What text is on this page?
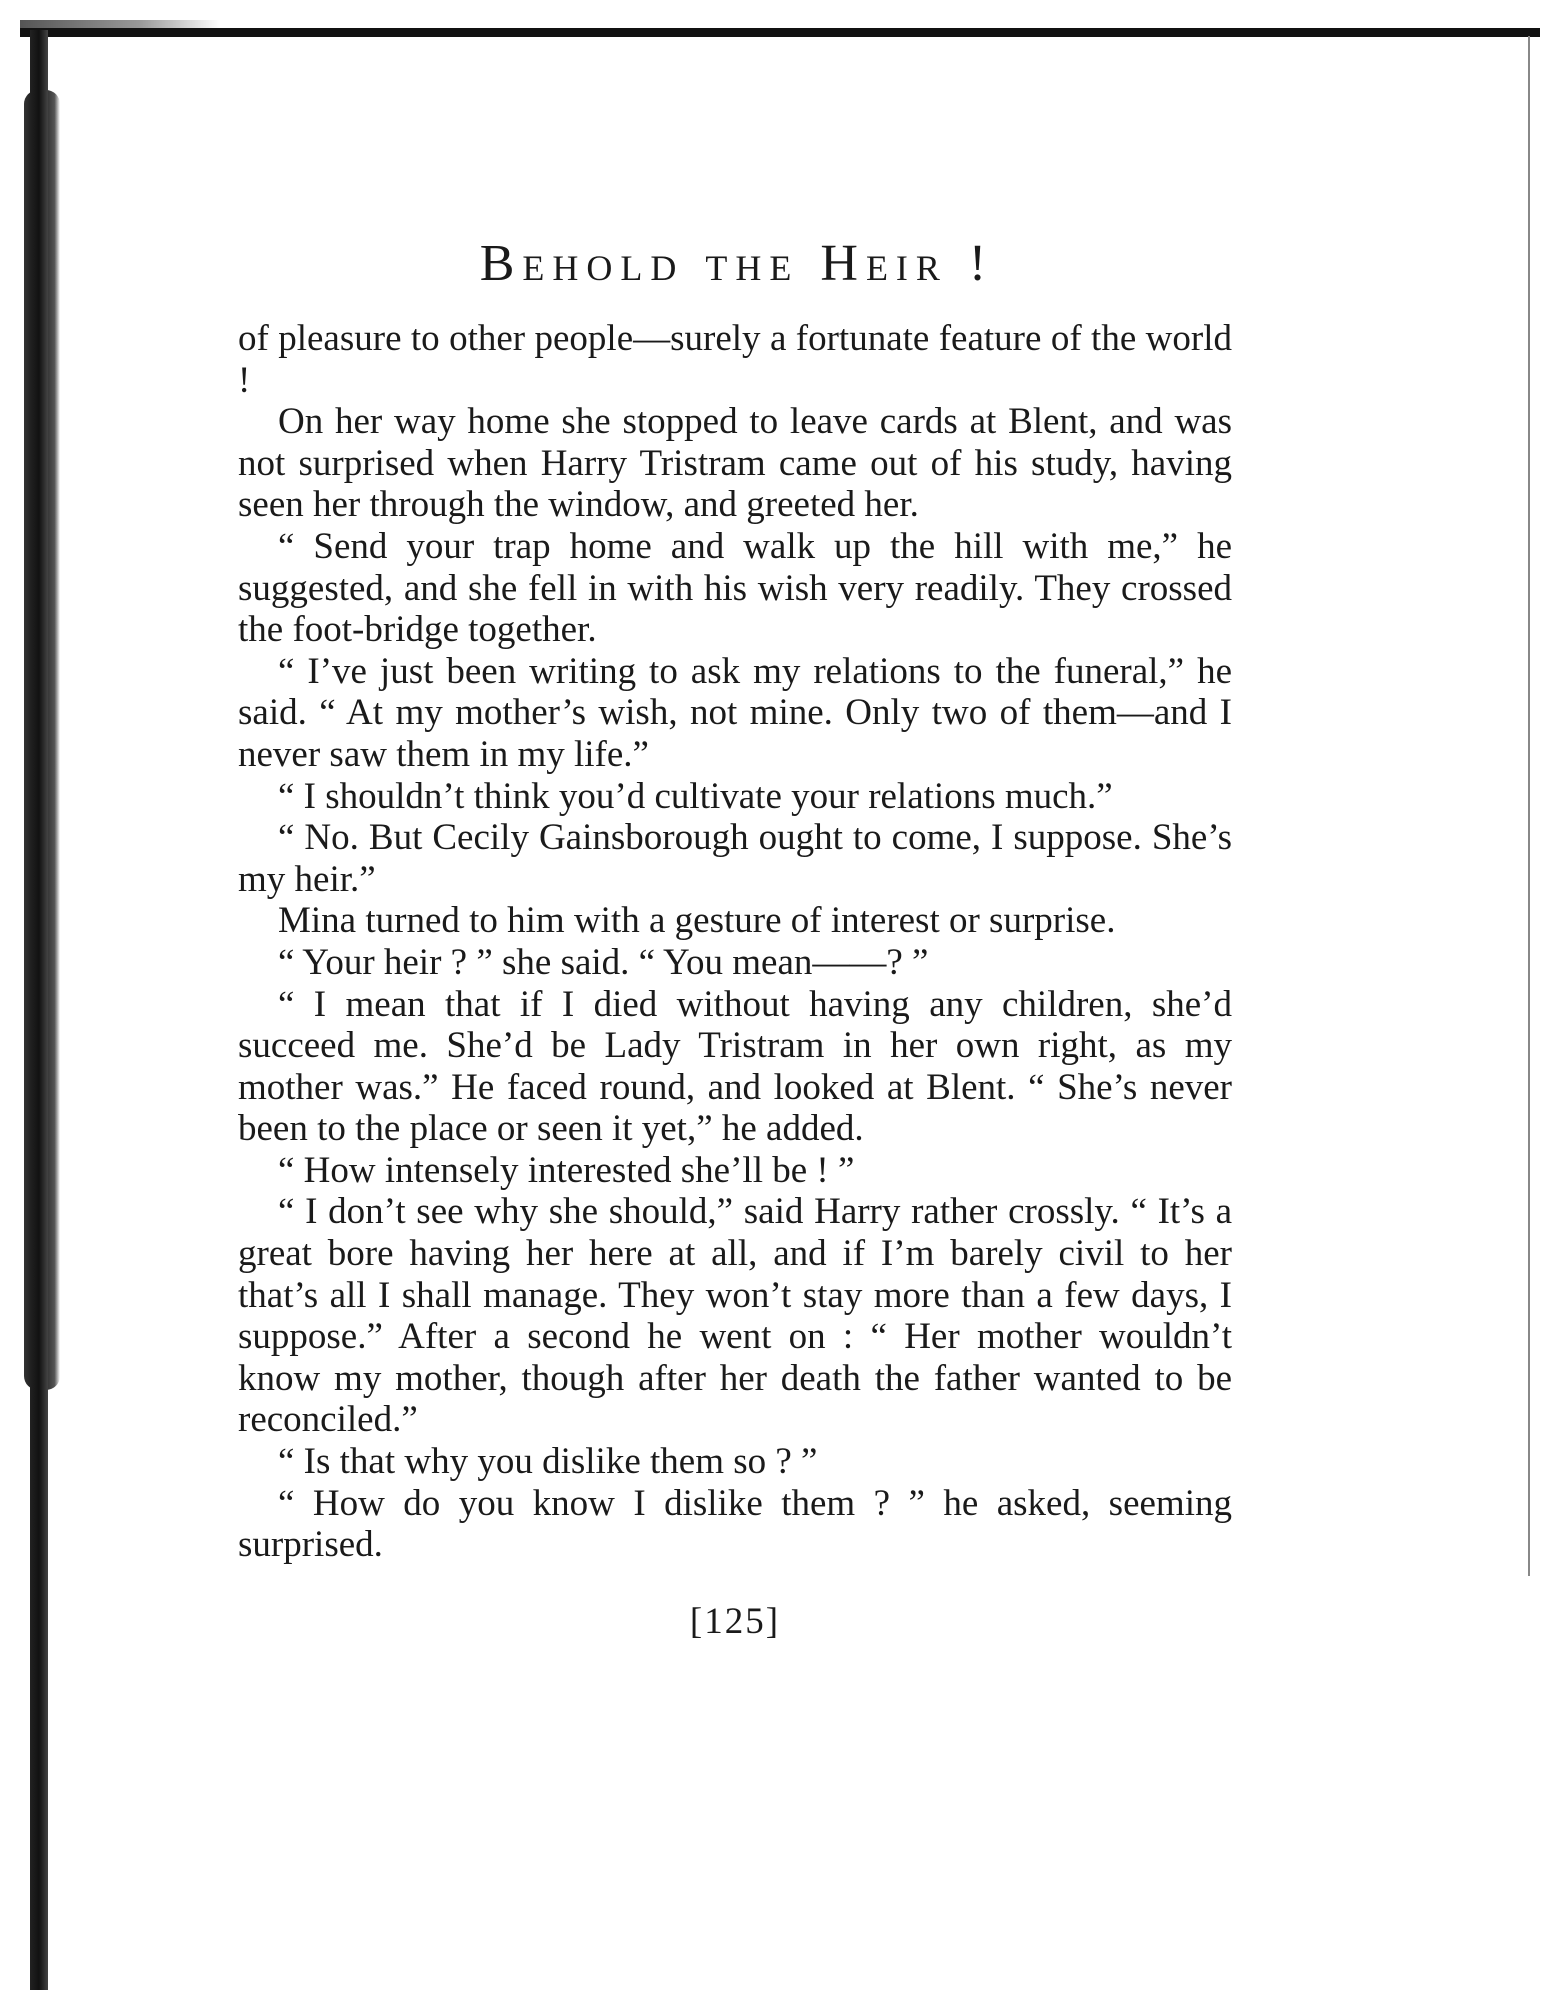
Behold the Heir !

of pleasure to other people—surely a fortunate feature of the world !

On her way home she stopped to leave cards at Blent, and was not surprised when Harry Tristram came out of his study, having seen her through the window, and greeted her.

“ Send your trap home and walk up the hill with me,” he suggested, and she fell in with his wish very readily. They crossed the foot-bridge together.

“ I’ve just been writing to ask my relations to the funeral,” he said. “ At my mother’s wish, not mine. Only two of them—and I never saw them in my life.”

“ I shouldn’t think you’d cultivate your relations much.”

“ No. But Cecily Gainsborough ought to come, I suppose. She’s my heir.”

Mina turned to him with a gesture of interest or surprise.

“ Your heir ? ” she said. “ You mean——? ”

“ I mean that if I died without having any children, she’d succeed me. She’d be Lady Tristram in her own right, as my mother was.” He faced round, and looked at Blent. “ She’s never been to the place or seen it yet,” he added.

“ How intensely interested she’ll be ! ”

“ I don’t see why she should,” said Harry rather crossly. “ It’s a great bore having her here at all, and if I’m barely civil to her that’s all I shall manage. They won’t stay more than a few days, I suppose.” After a second he went on : “ Her mother wouldn’t know my mother, though after her death the father wanted to be reconciled.”

“ Is that why you dislike them so ? ”

“ How do you know I dislike them ? ” he asked, seeming surprised.

[125]
